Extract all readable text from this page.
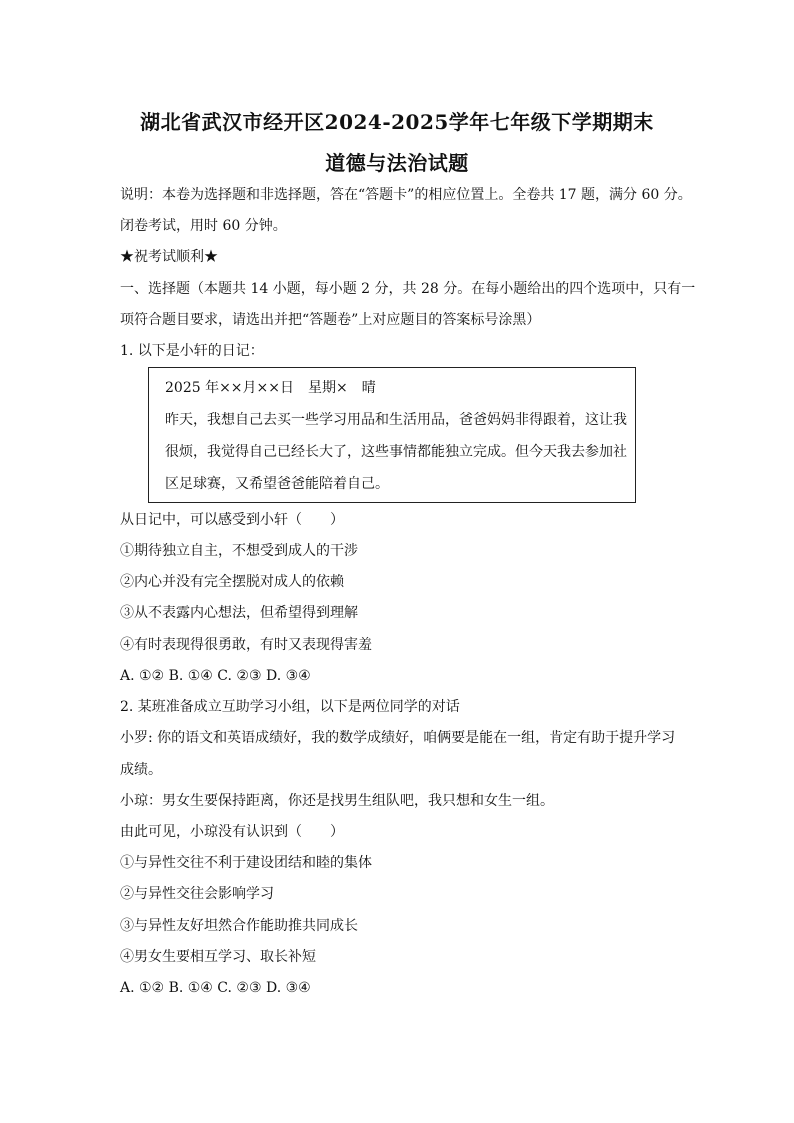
湖北省武汉市经开区2024-2025学年七年级下学期期末
道德与法治试题
说明：本卷为选择题和非选择题，答在“答题卡”的相应位置上。全卷共 17 题，满分 60 分。
闭卷考试，用时 60 分钟。
★祝考试顺利★
一、选择题（本题共 14 小题，每小题 2 分，共 28 分。在每小题给出的四个选项中，只有一
项符合题目要求，请选出并把“答题卷”上对应题目的答案标号涂黑）
1. 以下是小轩的日记：
2025 年××月××日　星期×　晴
昨天，我想自己去买一些学习用品和生活用品，爸爸妈妈非得跟着，这让我
很烦，我觉得自己已经长大了，这些事情都能独立完成。但今天我去参加社
区足球赛，又希望爸爸能陪着自己。
从日记中，可以感受到小轩（　　）
①期待独立自主，不想受到成人的干涉
②内心并没有完全摆脱对成人的依赖
③从不表露内心想法，但希望得到理解
④有时表现得很勇敢，有时又表现得害羞
A. ①② B. ①④ C. ②③ D. ③④
2. 某班准备成立互助学习小组，以下是两位同学的对话
小罗: 你的语文和英语成绩好，我的数学成绩好，咱俩要是能在一组，肯定有助于提升学习
成绩。
小琼：男女生要保持距离，你还是找男生组队吧，我只想和女生一组。
由此可见，小琼没有认识到（　　）
①与异性交往不利于建设团结和睦的集体
②与异性交往会影响学习
③与异性友好坦然合作能助推共同成长
④男女生要相互学习、取长补短
A. ①② B. ①④ C. ②③ D. ③④
